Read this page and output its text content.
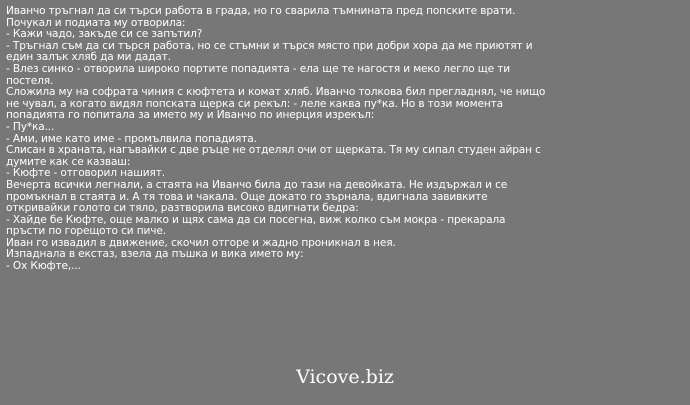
Иванчо тръгнал да си търси работа в града, но го сварила тъмнината пред попските врати.
Почукал и подиата му отворила:
- Кажи чадо, закъде си се запътил?
- Тръгнал съм да си търся работа, но се стъмни и търся място при добри хора да ме приютят и
един залък хляб да ми дадат.
- Влез синко - отворила широко портите попадията - ела ще те нагостя и меко легло ще ти
постеля.
Сложила му на софрата чиния с кюфтета и комат хляб. Иванчо толкова бил прегладнял, че нищо
не чувал, а когато видял попската щерка си рекъл: - леле каква пу*ка. Но в този момента
попадията го попитала за името му и Иванчо по инерция изрекъл:
- Пу*ка...
- Ами, име като име - промълвила попадията.
Слисан в храната, нагъвайки с две ръце не отделял очи от щерката. Тя му сипал студен айран с
думите как се казваш:
- Кюфте - отговорил нашият.
Вечерта всички легнали, а стаята на Иванчо била до тази на девойката. Не издържал и се
промъкнал в стаята и. А тя това и чакала. Още докато го зърнала, вдигнала завивките
откривайки голото си тяло, разтворила високо вдигнати бедра:
- Хайде бе Кюфте, още малко и щях сама да си посегна, виж колко съм мокра - прекарала
пръсти по горещото си пиче.
Иван го извадил в движение, скочил отгоре и жадно проникнал в нея.
Изпаднала в екстаз, взела да пъшка и вика името му:
- Ох Кюфте,...
Vicove.biz
